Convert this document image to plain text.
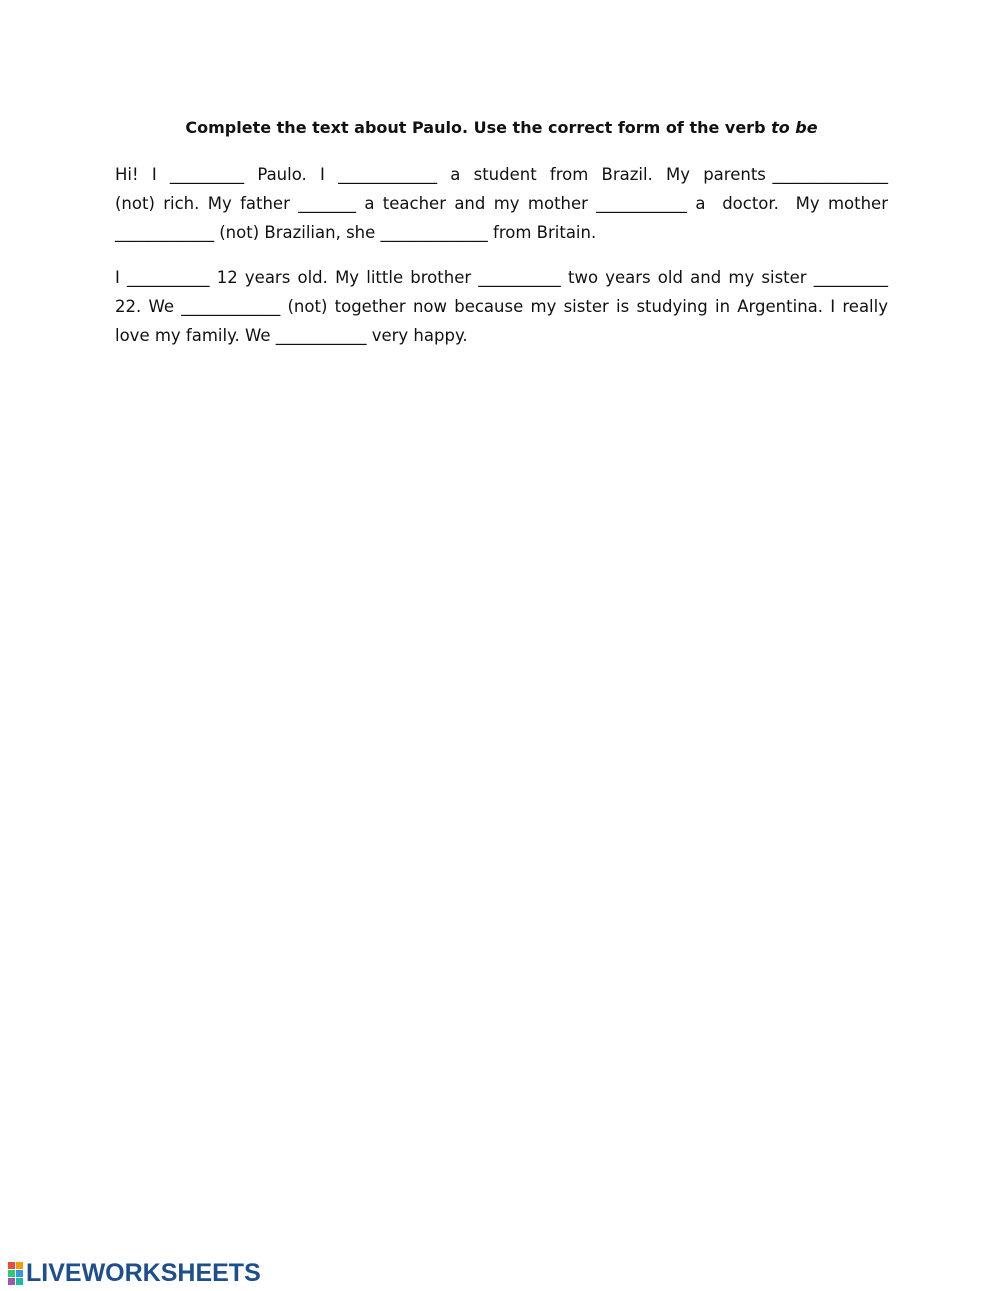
Complete the text about Paulo. Use the correct form of the verb to be
Hi!  I  _________  Paulo.  I  ____________  a  student  from  Brazil.  My  parents ______________ (not) rich. My father _______ a teacher and my mother ___________ a  doctor.  My mother ____________ (not) Brazilian, she _____________ from Britain.
I __________ 12 years old. My little brother __________ two years old and my sister _________ 22. We ____________ (not) together now because my sister is studying in Argentina. I really love my family. We ___________ very happy.
LIVEWORKSHEETS
